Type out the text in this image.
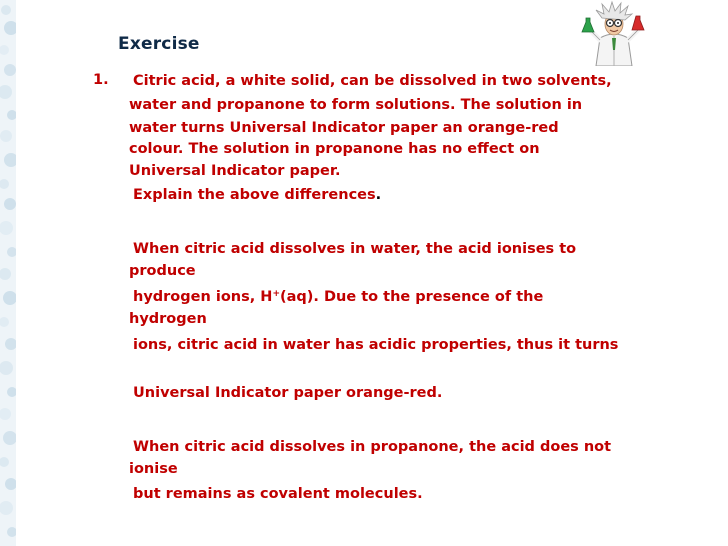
Exercise
1. Citric acid, a white solid, can be dissolved in two solvents,

water and propanone to form solutions. The solution in

water turns Universal Indicator paper an orange-red

colour. The solution in propanone has no effect on

Universal Indicator paper.

Explain the above differences.

When citric acid dissolves in water, the acid ionises to

produce

hydrogen ions, H+(aq). Due to the presence of the

hydrogen

ions, citric acid in water has acidic properties, thus it turns

Universal Indicator paper orange-red.

When citric acid dissolves in propanone, the acid does not

ionise

but remains as covalent molecules.
